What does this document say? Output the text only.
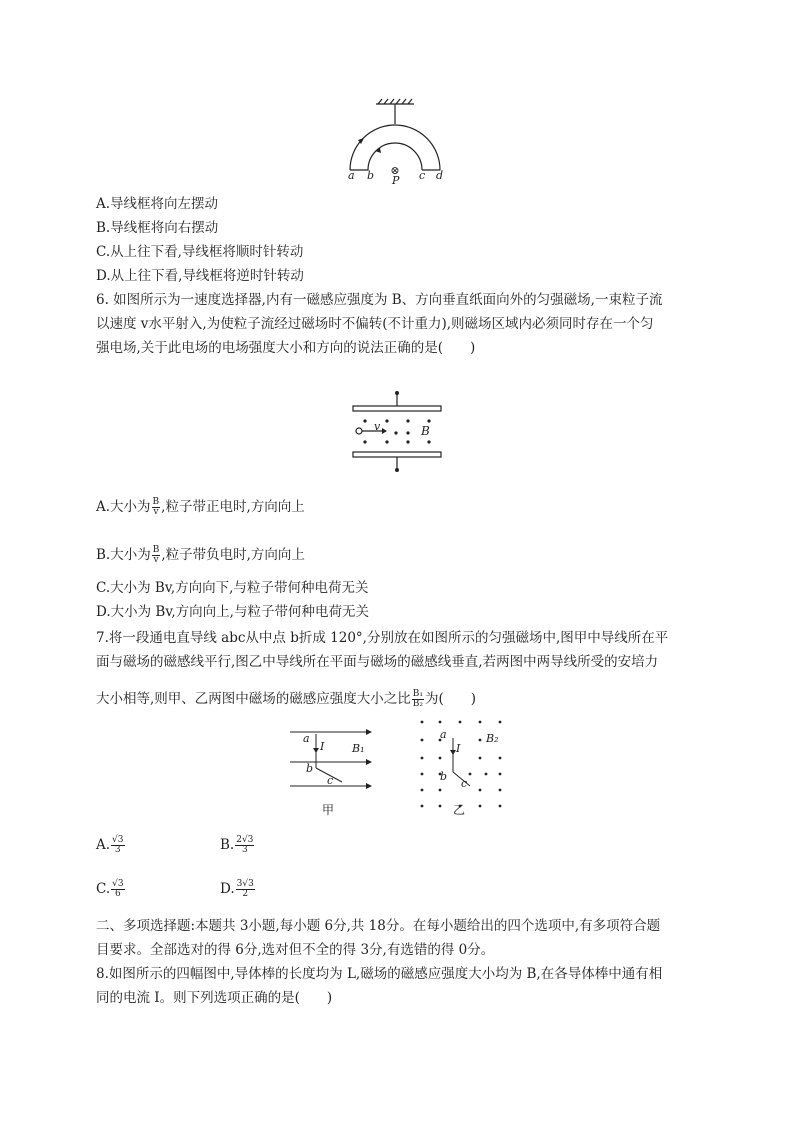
⊗
a b P c d
A.导线框将向左摆动
B.导线框将向右摆动
C.从上往下看,导线框将顺时针转动
D.从上往下看,导线框将逆时针转动
6. 如图所示为一速度选择器,内有一磁感应强度为 B、方向垂直纸面向外的匀强磁场,一束粒子流
以速度 v水平射入,为使粒子流经过磁场时不偏转(不计重力),则磁场区域内必须同时存在一个匀
强电场,关于此电场的电场强度大小和方向的说法正确的是(　　)
v	B
A.大小为 $\frac{B}{v}$ ,粒子带正电时,方向向上
B.大小为 $\frac{B}{v}$ ,粒子带负电时,方向向上
C.大小为 Bv,方向向下,与粒子带何种电荷无关
D.大小为 Bv,方向向上,与粒子带何种电荷无关
7.将一段通电直导线 abc从中点 b折成 120°,分别放在如图所示的匀强磁场中,图甲中导线所在平
面与磁场的磁感线平行,图乙中导线所在平面与磁场的磁感线垂直,若两图中两导线所受的安培力
大小相等,则甲、乙两图中磁场的磁感应强度大小之比 $\frac{\text{B₁}}{\text{B₂}}$ 为(　　)
a
I	B₁
b
c
甲
a
I
B₂
b
c
乙
A. $\frac{√3}{3}$	B. $\frac{2√3}{3}$
C. $\frac{√3}{6}$	D. $\frac{3√3}{2}$
二、多项选择题:本题共 3小题,每小题 6分,共 18分。在每小题给出的四个选项中,有多项符合题
目要求。全部选对的得 6分,选对但不全的得 3分,有选错的得 0分。
8.如图所示的四幅图中,导体棒的长度均为 L,磁场的磁感应强度大小均为 B,在各导体棒中通有相
同的电流 I。则下列选项正确的是(　　)
